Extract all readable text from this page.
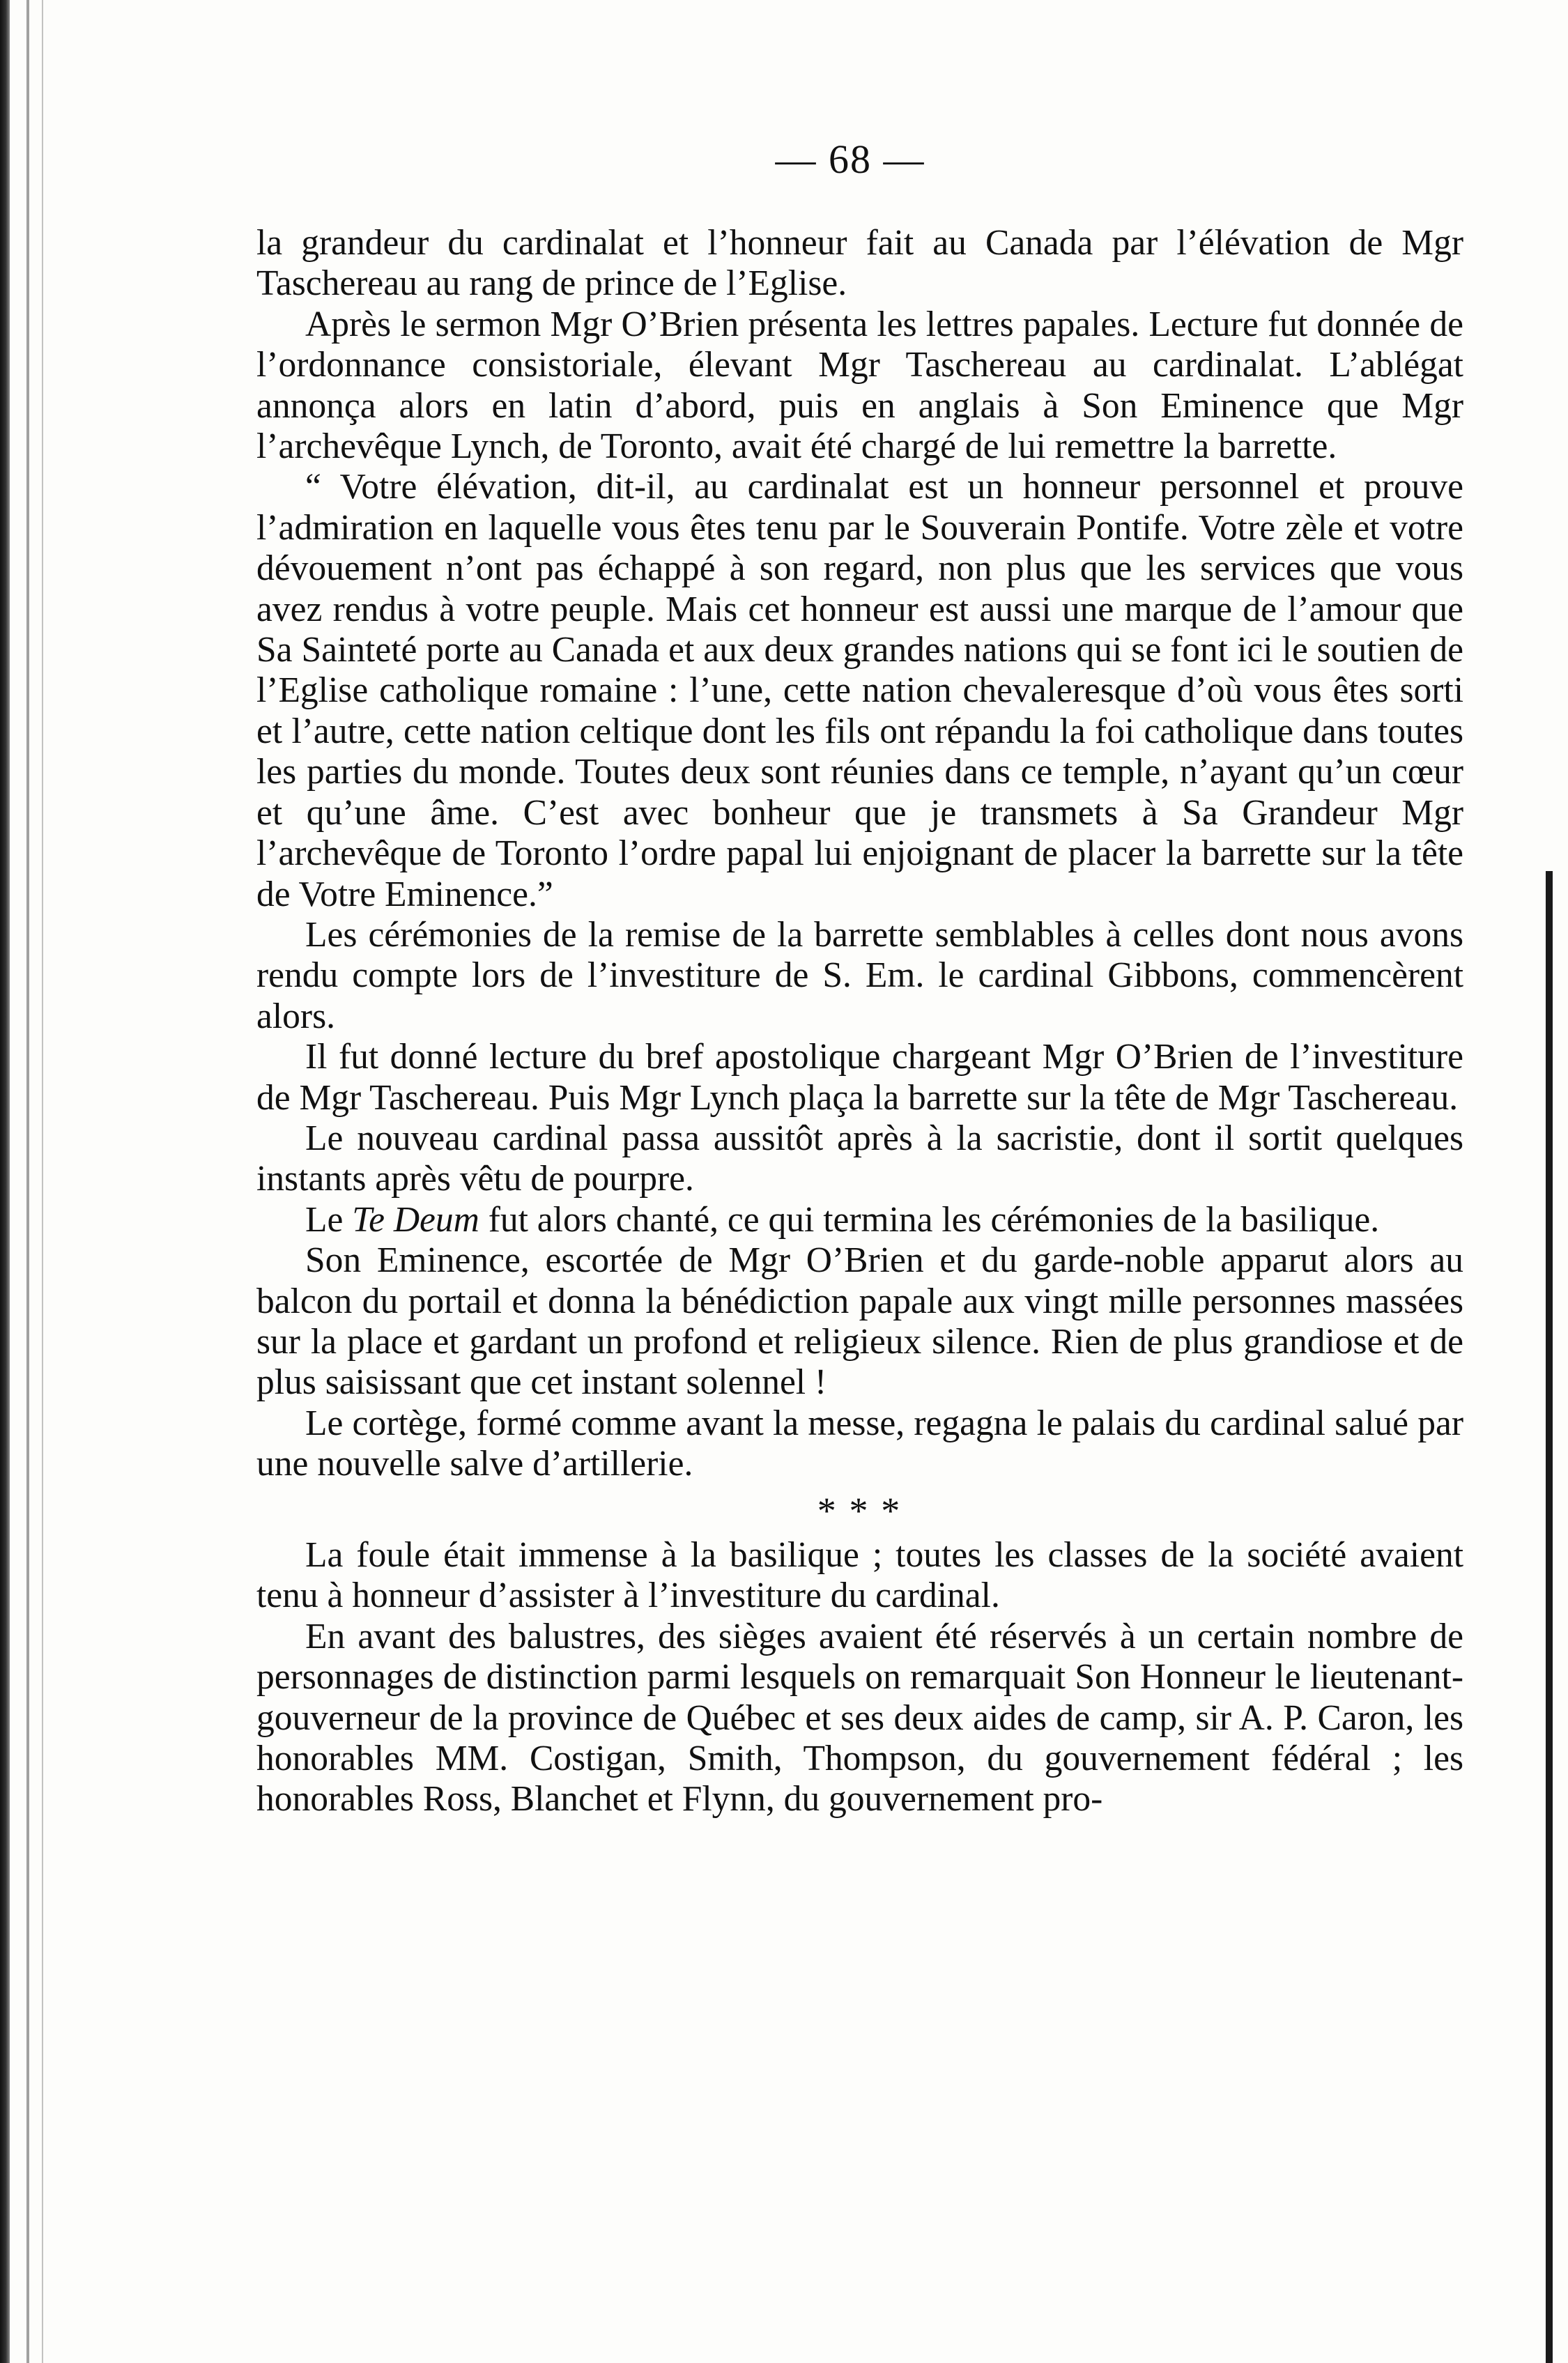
— 68 —

la grandeur du cardinalat et l’honneur fait au Canada par l’élévation de Mgr Taschereau au rang de prince de l’Eglise.

Après le sermon Mgr O’Brien présenta les lettres papales. Lecture fut donnée de l’ordonnance consistoriale, élevant Mgr Taschereau au cardinalat. L’ablégat annonça alors en latin d’abord, puis en anglais à Son Eminence que Mgr l’archevêque Lynch, de Toronto, avait été chargé de lui remettre la barrette.

“ Votre élévation, dit-il, au cardinalat est un honneur personnel et prouve l’admiration en laquelle vous êtes tenu par le Souverain Pontife. Votre zèle et votre dévouement n’ont pas échappé à son regard, non plus que les services que vous avez rendus à votre peuple. Mais cet honneur est aussi une marque de l’amour que Sa Sainteté porte au Canada et aux deux grandes nations qui se font ici le soutien de l’Eglise catholique romaine : l’une, cette nation chevaleresque d’où vous êtes sorti et l’autre, cette nation celtique dont les fils ont répandu la foi catholique dans toutes les parties du monde. Toutes deux sont réunies dans ce temple, n’ayant qu’un cœur et qu’une âme. C’est avec bonheur que je transmets à Sa Grandeur Mgr l’archevêque de Toronto l’ordre papal lui enjoignant de placer la barrette sur la tête de Votre Eminence.”

Les cérémonies de la remise de la barrette semblables à celles dont nous avons rendu compte lors de l’investiture de S. Em. le cardinal Gibbons, commencèrent alors.

Il fut donné lecture du bref apostolique chargeant Mgr O’Brien de l’investiture de Mgr Taschereau. Puis Mgr Lynch plaça la barrette sur la tête de Mgr Taschereau.

Le nouveau cardinal passa aussitôt après à la sacristie, dont il sortit quelques instants après vêtu de pourpre.

Le Te Deum fut alors chanté, ce qui termina les cérémonies de la basilique.

Son Eminence, escortée de Mgr O’Brien et du garde-noble apparut alors au balcon du portail et donna la bénédiction papale aux vingt mille personnes massées sur la place et gardant un profond et religieux silence. Rien de plus grandiose et de plus saisissant que cet instant solennel !

Le cortège, formé comme avant la messe, regagna le palais du cardinal salué par une nouvelle salve d’artillerie.

* * *

La foule était immense à la basilique ; toutes les classes de la société avaient tenu à honneur d’assister à l’investiture du cardinal.

En avant des balustres, des sièges avaient été réservés à un certain nombre de personnages de distinction parmi lesquels on remarquait Son Honneur le lieutenant-gouverneur de la province de Québec et ses deux aides de camp, sir A. P. Caron, les honorables MM. Costigan, Smith, Thompson, du gouvernement fédéral ; les honorables Ross, Blanchet et Flynn, du gouvernement pro-
